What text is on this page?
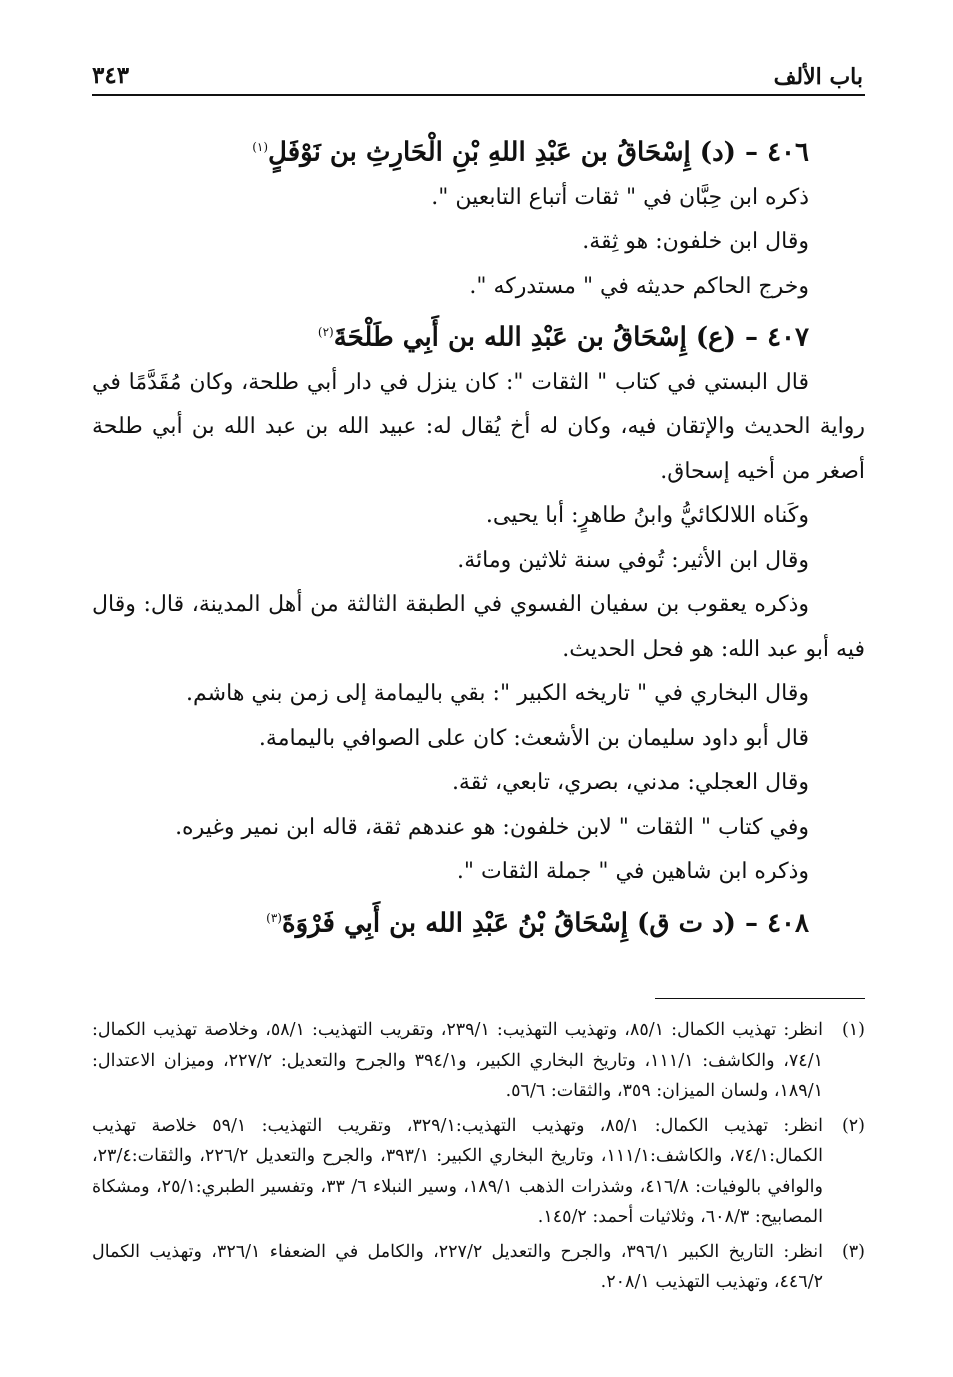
باب الألف
٣٤٣
٤٠٦ – (د) إِسْحَاقُ بن عَبْدِ اللهِ بْنِ الْحَارِثِ بن نَوْفَلٍ$^{(١)}$

ذكره ابن حِبَّان في " ثقات أتباع التابعين ".

وقال ابن خلفون: هو ثِقة.

وخرج الحاكم حديثه في " مستدركه ".

٤٠٧ – (ع) إِسْحَاقُ بن عَبْدِ الله بن أَبِي طَلْحَةَ$^{(٢)}$

قال البستي في كتاب " الثقات ": كان ينزل في دار أبي طلحة، وكان مُقَدَّمًا في رواية الحديث والإتقان فيه، وكان له أخ يُقال له: عبيد الله بن عبد الله بن أبي طلحة أصغر من أخيه إسحاق.

وكَناه اللالكائيُّ وابنُ طاهرٍ: أبا يحيى.

وقال ابن الأثير: تُوفي سنة ثلاثين ومائة.

وذكره يعقوب بن سفيان الفسوي في الطبقة الثالثة من أهل المدينة، قال: وقال فيه أبو عبد الله: هو فحل الحديث.

وقال البخاري في " تاريخه الكبير ": بقي باليمامة إلى زمن بني هاشم.

قال أبو داود سليمان بن الأشعث: كان على الصوافي باليمامة.

وقال العجلي: مدني، بصري، تابعي، ثقة.

وفي كتاب " الثقات " لابن خلفون: هو عندهم ثقة، قاله ابن نمير وغيره.

وذكره ابن شاهين في " جملة الثقات ".

٤٠٨ – (د ت ق) إِسْحَاقُ بْنُ عَبْدِ الله بن أَبِي فَرْوَةَ$^{(٣)}$
(١)
انظر: تهذيب الكمال: ٨٥/١، وتهذيب التهذيب: ٢٣٩/١، وتقريب التهذيب: ٥٨/١، وخلاصة تهذيب الكمال: ٧٤/١، والكاشف: ١١١/١، وتاريخ البخاري الكبير، و٣٩٤/١ والجرح والتعديل: ٢٢٧/٢، وميزان الاعتدال: ١٨٩/١، ولسان الميزان: ٣٥٩، والثقات: ٥٦/٦.
(٢)
انظر: تهذيب الكمال: ٨٥/١، وتهذيب التهذيب:٣٢٩/١، وتقريب التهذيب: ٥٩/١ خلاصة تهذيب الكمال:٧٤/١، والكاشف:١١١/١، وتاريخ البخاري الكبير: ٣٩٣/١، والجرح والتعديل ٢٢٦/٢، والثقات:٢٣/٤، والوافي بالوفيات: ٤١٦/٨، وشذرات الذهب ١٨٩/١، وسير النبلاء ٦/ ٣٣، وتفسير الطبري:٢٥/١، ومشكاة المصابيح: ٦٠٨/٣، وثلاثيات أحمد: ١٤٥/٢.
(٣)
انظر: التاريخ الكبير ٣٩٦/١، والجرح والتعديل ٢٢٧/٢، والكامل في الضعفاء ٣٢٦/١، وتهذيب الكمال ٤٤٦/٢، وتهذيب التهذيب ٢٠٨/١.
